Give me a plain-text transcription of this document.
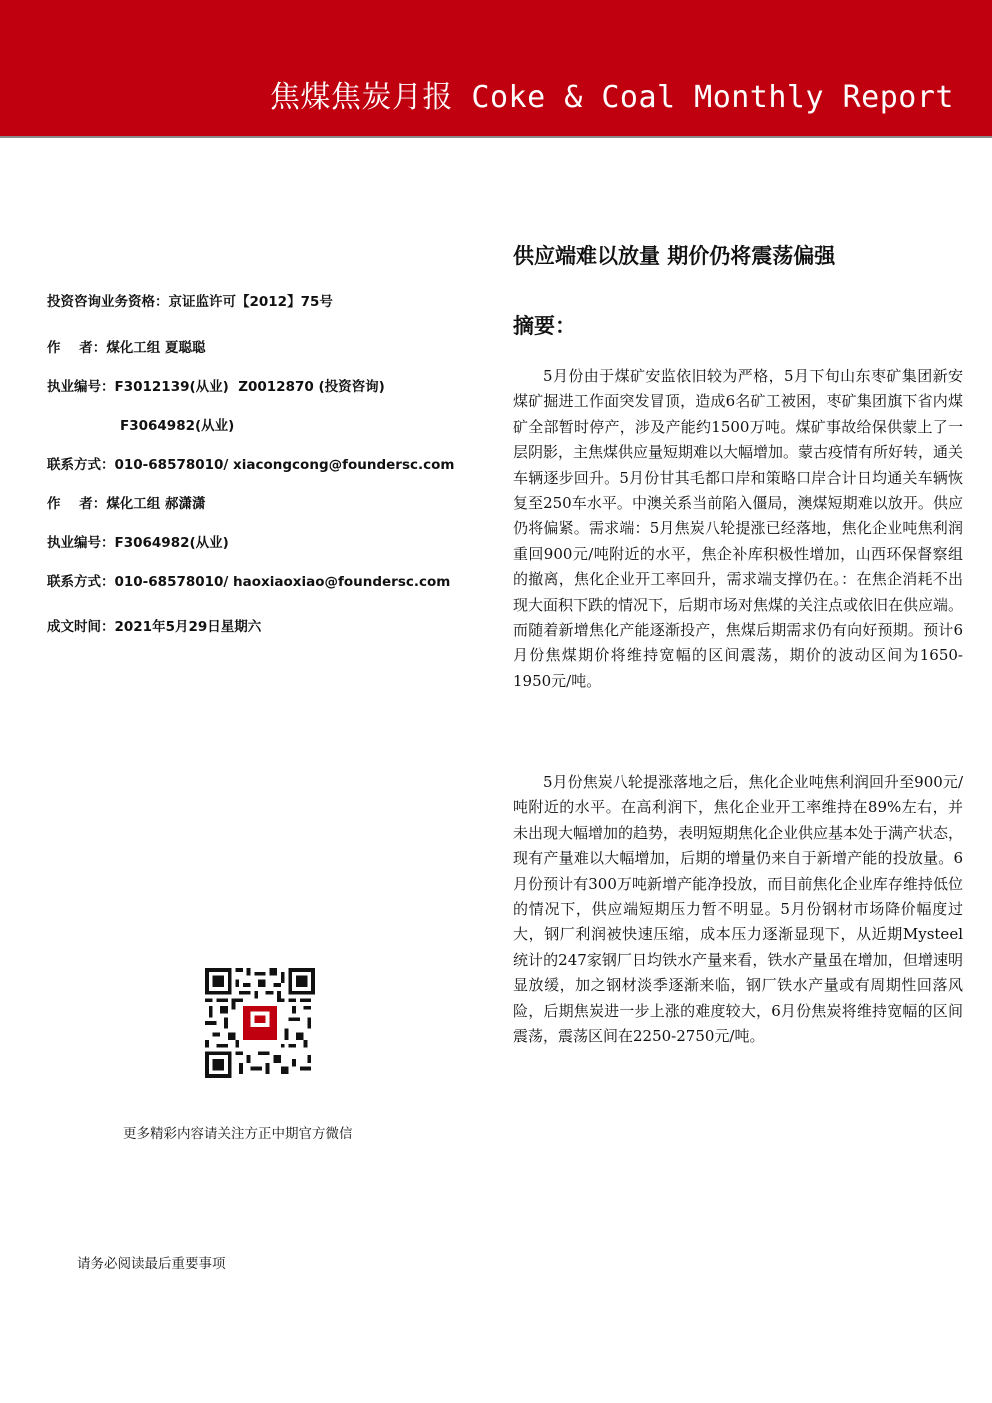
焦煤焦炭月报 Coke & Coal Monthly Report
投资咨询业务资格：京证监许可【2012】75号
作    者：煤化工组 夏聪聪
执业编号：F3012139(从业)  Z0012870 (投资咨询)
F3064982(从业)
联系方式：010-68578010/ xiacongcong@foundersc.com
作    者：煤化工组 郝潇潇
执业编号：F3064982(从业)
联系方式：010-68578010/ haoxiaoxiao@foundersc.com
成文时间：2021年5月29日星期六
更多精彩内容请关注方正中期官方微信
请务必阅读最后重要事项
供应端难以放量 期价仍将震荡偏强
摘要：

5月份由于煤矿安监依旧较为严格，5月下旬山东枣矿集团新安煤矿掘进工作面突发冒顶，造成6名矿工被困，枣矿集团旗下省内煤矿全部暂时停产，涉及产能约1500万吨。煤矿事故给保供蒙上了一层阴影，主焦煤供应量短期难以大幅增加。蒙古疫情有所好转，通关车辆逐步回升。5月份甘其毛都口岸和策略口岸合计日均通关车辆恢复至250车水平。中澳关系当前陷入僵局，澳煤短期难以放开。供应仍将偏紧。需求端：5月焦炭八轮提涨已经落地，焦化企业吨焦利润重回900元/吨附近的水平，焦企补库积极性增加，山西环保督察组的撤离，焦化企业开工率回升，需求端支撑仍在。：在焦企消耗不出现大面积下跌的情况下，后期市场对焦煤的关注点或依旧在供应端。而随着新增焦化产能逐渐投产，焦煤后期需求仍有向好预期。预计6月份焦煤期价将维持宽幅的区间震荡，期价的波动区间为1650-1950元/吨。

5月份焦炭八轮提涨落地之后，焦化企业吨焦利润回升至900元/吨附近的水平。在高利润下，焦化企业开工率维持在89%左右，并未出现大幅增加的趋势，表明短期焦化企业供应基本处于满产状态，现有产量难以大幅增加，后期的增量仍来自于新增产能的投放量。6月份预计有300万吨新增产能净投放，而目前焦化企业库存维持低位的情况下，供应端短期压力暂不明显。5月份钢材市场降价幅度过大，钢厂利润被快速压缩，成本压力逐渐显现下，从近期Mysteel统计的247家钢厂日均铁水产量来看，铁水产量虽在增加，但增速明显放缓，加之钢材淡季逐渐来临，钢厂铁水产量或有周期性回落风险，后期焦炭进一步上涨的难度较大，6月份焦炭将维持宽幅的区间震荡，震荡区间在2250-2750元/吨。
